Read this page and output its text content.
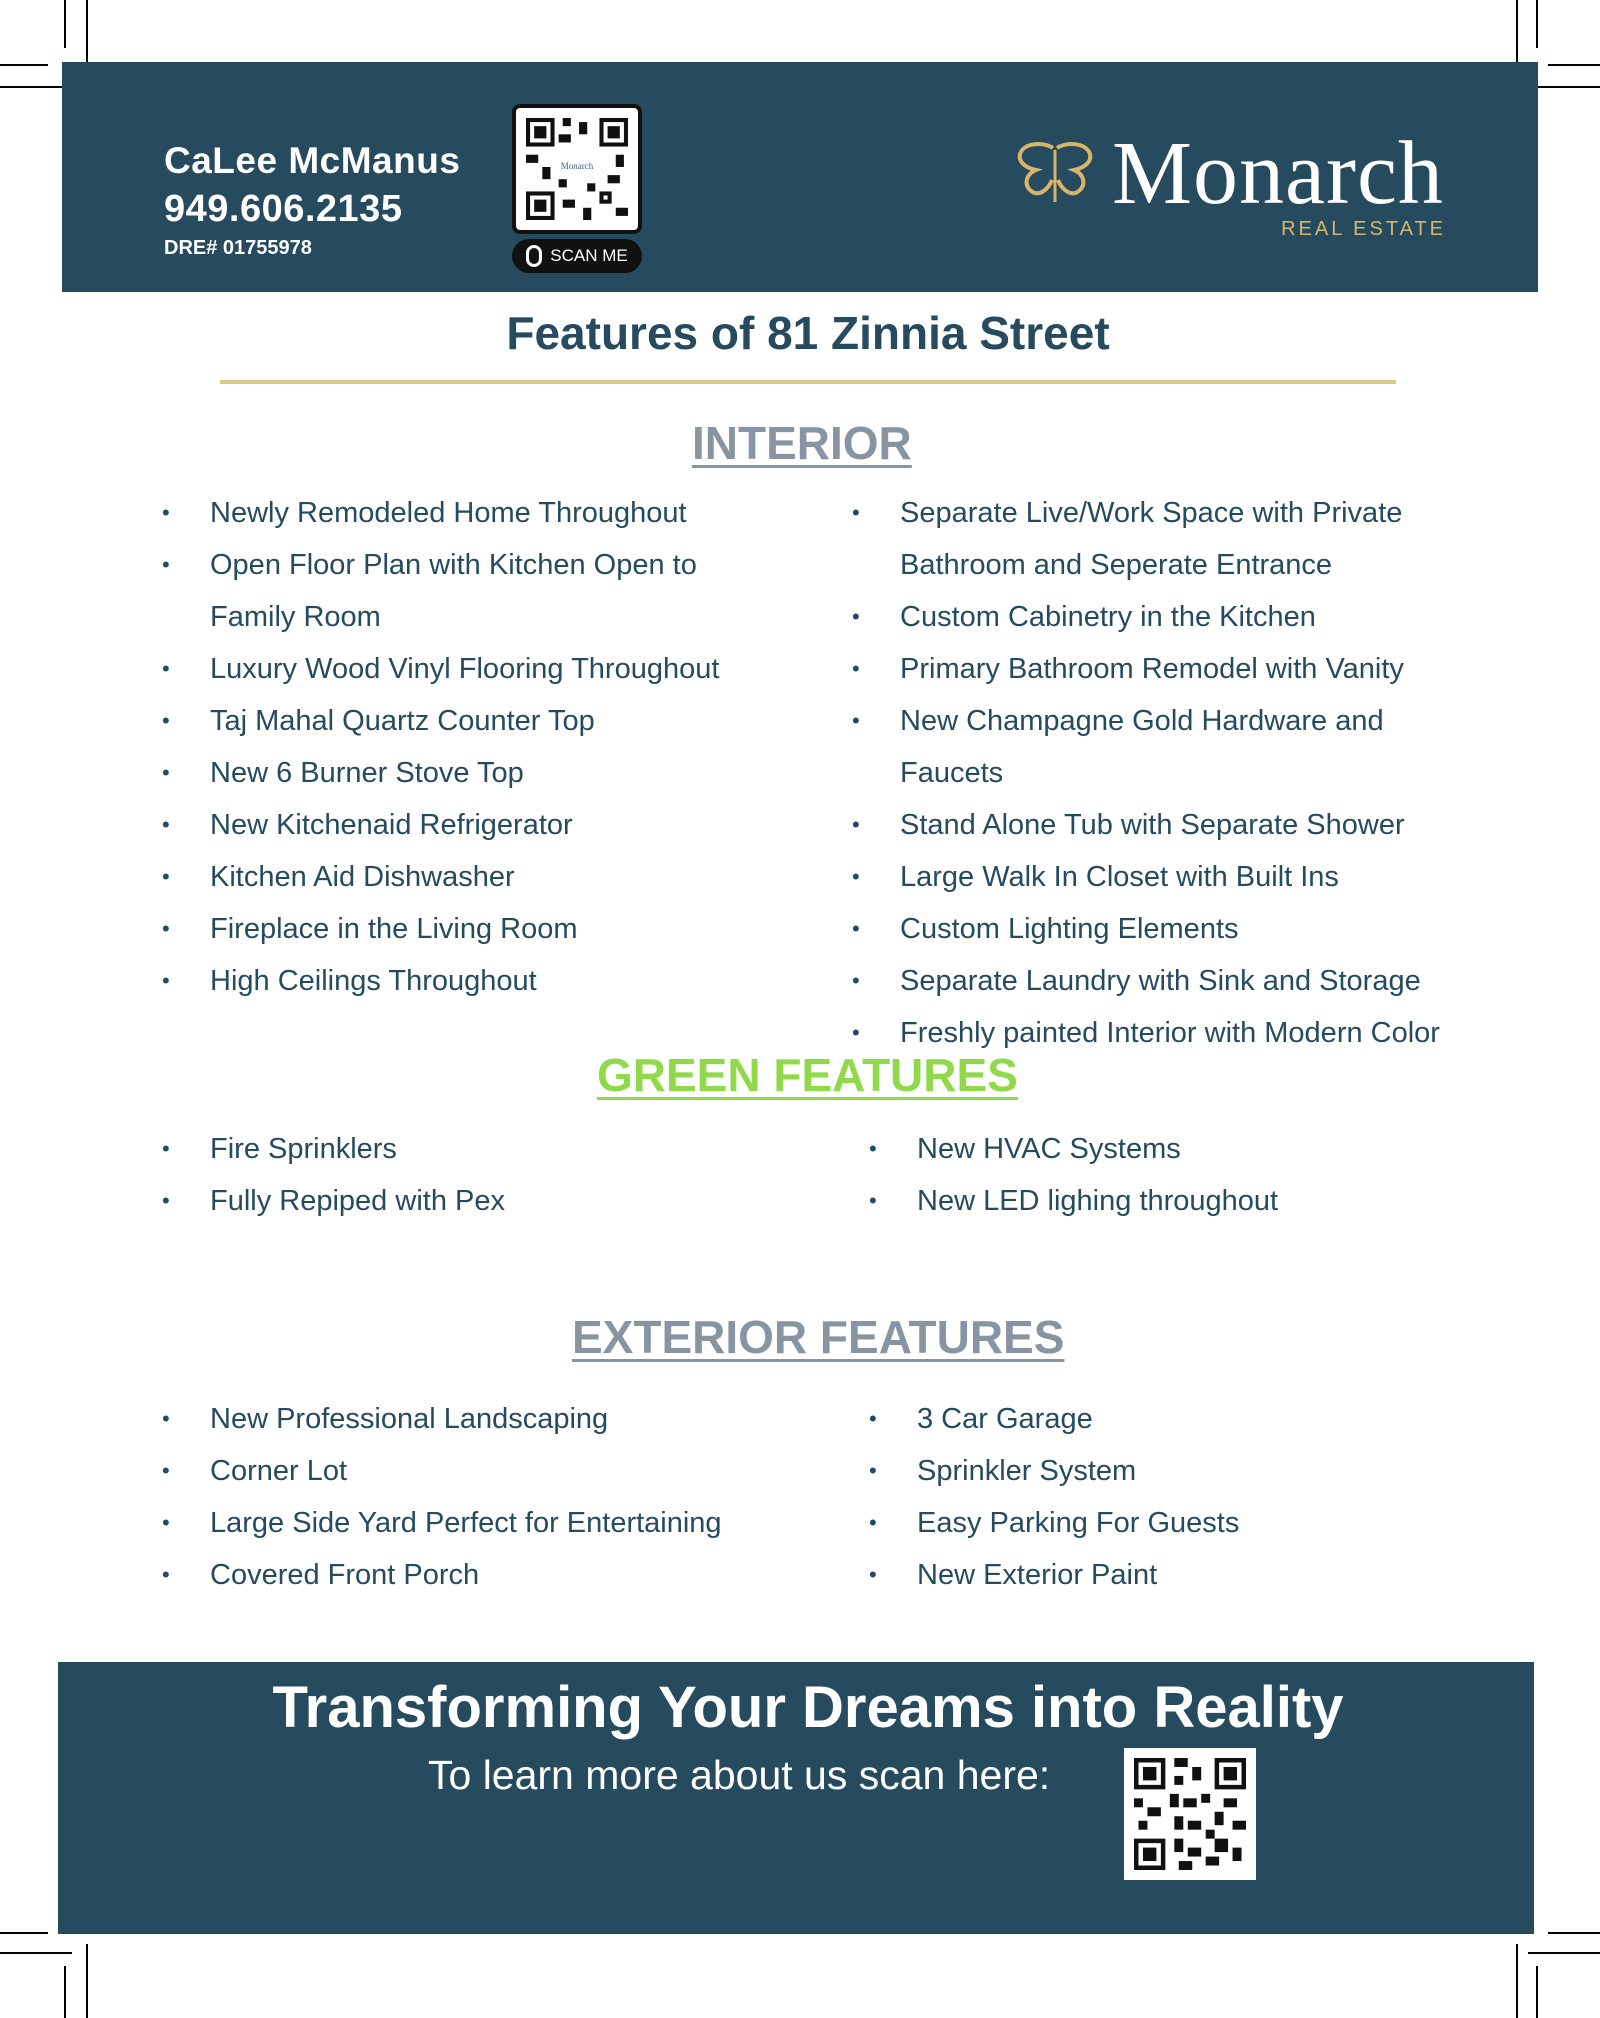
CaLee McManus
949.606.2135
DRE# 01755978
Monarch
SCAN ME
Monarch
REAL ESTATE
Features of 81 Zinnia Street
INTERIOR
• Newly Remodeled Home Throughout
• Open Floor Plan with Kitchen Open to Family Room
• Luxury Wood Vinyl Flooring Throughout
• Taj Mahal Quartz Counter Top
• New 6 Burner Stove Top
• New Kitchenaid Refrigerator
• Kitchen Aid Dishwasher
• Fireplace in the Living Room
• High Ceilings Throughout
• Separate Live/Work Space with Private Bathroom and Seperate Entrance
• Custom Cabinetry in the Kitchen
• Primary Bathroom Remodel with Vanity
• New Champagne Gold Hardware and Faucets
• Stand Alone Tub with Separate Shower
• Large Walk In Closet with Built Ins
• Custom Lighting Elements
• Separate Laundry with Sink and Storage
• Freshly painted Interior with Modern Color
GREEN FEATURES
• Fire Sprinklers
• Fully Repiped with Pex
• New HVAC Systems
• New LED lighing throughout
EXTERIOR FEATURES
• New Professional Landscaping
• Corner Lot
• Large Side Yard Perfect for Entertaining
• Covered Front Porch
• 3 Car Garage
• Sprinkler System
• Easy Parking For Guests
• New Exterior Paint
Transforming Your Dreams into Reality
To learn more about us scan here:
